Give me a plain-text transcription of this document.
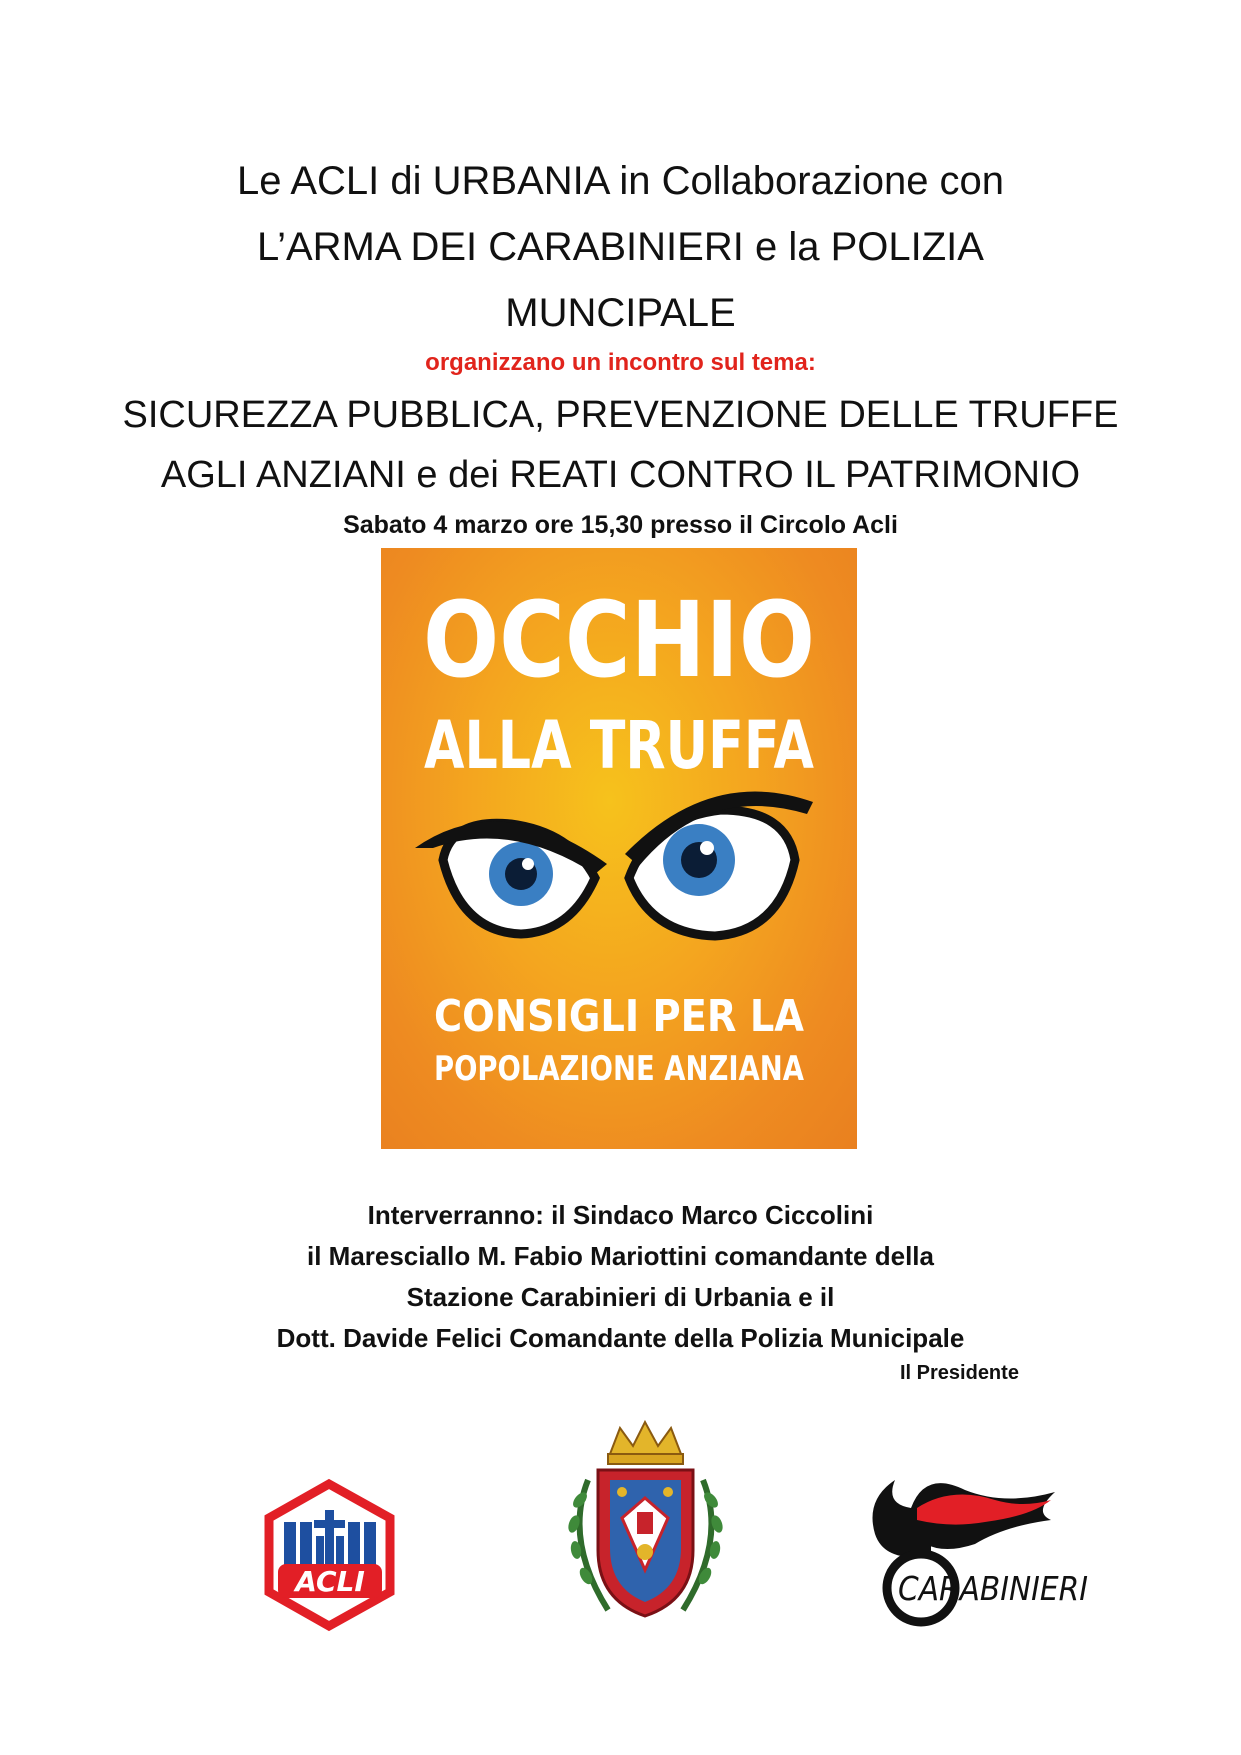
Le ACLI di URBANIA in Collaborazione con
L’ARMA DEI CARABINIERI e la POLIZIA
MUNCIPALE
organizzano un incontro sul tema:
SICUREZZA PUBBLICA, PREVENZIONE DELLE TRUFFE
AGLI ANZIANI e dei REATI CONTRO IL PATRIMONIO
Sabato 4 marzo ore 15,30 presso il Circolo Acli
OCCHIO
ALLA TRUFFA
CONSIGLI PER LA
POPOLAZIONE ANZIANA
Interverranno: il Sindaco Marco Ciccolini
il Maresciallo M. Fabio Mariottini comandante della
Stazione Carabinieri di Urbania e il
Dott. Davide Felici Comandante della Polizia Municipale
Il Presidente
ACLI	CARABINIERI
